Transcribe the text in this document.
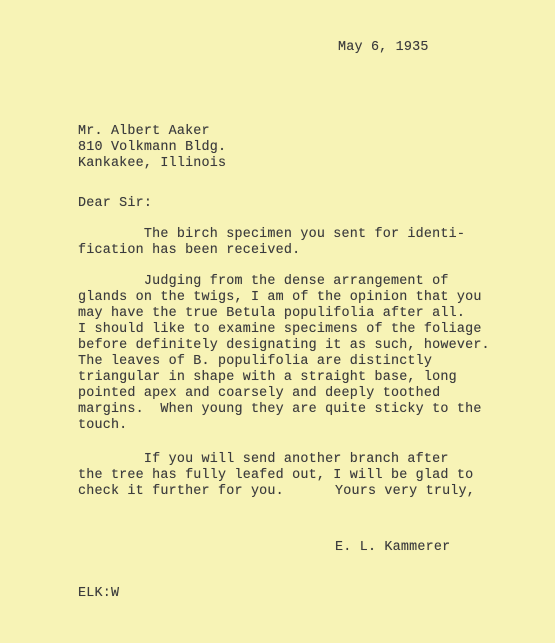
May 6, 1935
Mr. Albert Aaker
810 Volkmann Bldg.
Kankakee, Illinois
Dear Sir:
The birch specimen you sent for identi-
fication has been received.
Judging from the dense arrangement of
glands on the twigs, I am of the opinion that you
may have the true Betula populifolia after all.
I should like to examine specimens of the foliage
before definitely designating it as such, however.
The leaves of B. populifolia are distinctly
triangular in shape with a straight base, long
pointed apex and coarsely and deeply toothed
margins.  When young they are quite sticky to the
touch.
If you will send another branch after
the tree has fully leafed out, I will be glad to
check it further for you.	Yours very truly,
E. L. Kammerer
ELK:W
